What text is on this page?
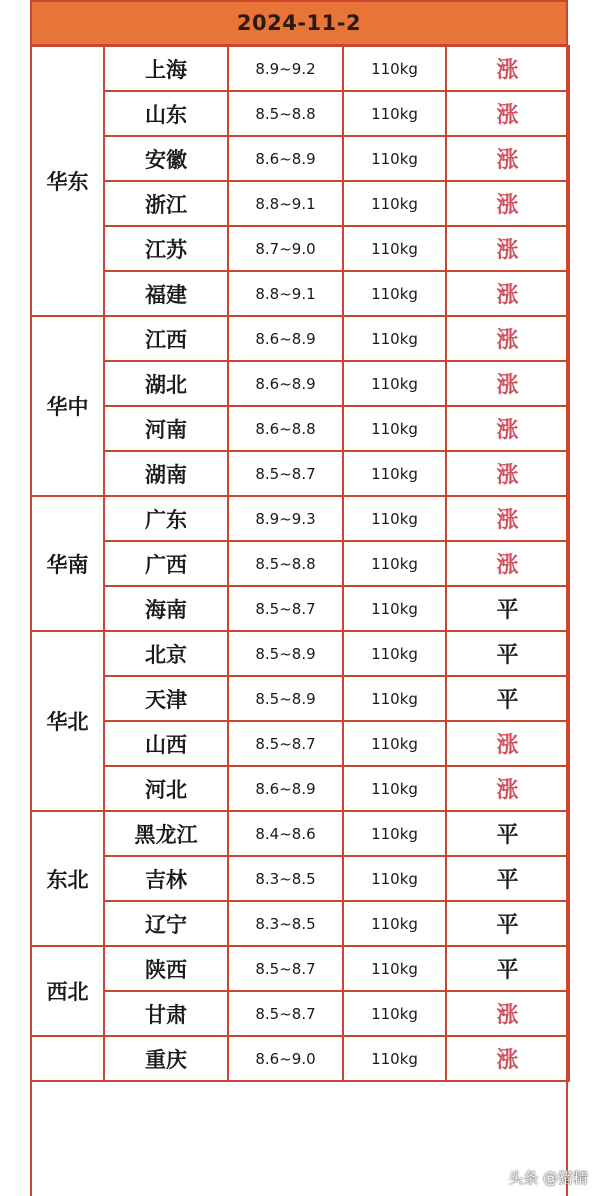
2024-11-2
华东	上海	8.9~9.2	110kg	涨
	山东	8.5~8.8	110kg	涨
	安徽	8.6~8.9	110kg	涨
	浙江	8.8~9.1	110kg	涨
	江苏	8.7~9.0	110kg	涨
	福建	8.8~9.1	110kg	涨
华中	江西	8.6~8.9	110kg	涨
	湖北	8.6~8.9	110kg	涨
	河南	8.6~8.8	110kg	涨
	湖南	8.5~8.7	110kg	涨
华南	广东	8.9~9.3	110kg	涨
	广西	8.5~8.8	110kg	涨
	海南	8.5~8.7	110kg	平
华北	北京	8.5~8.9	110kg	平
	天津	8.5~8.9	110kg	平
	山西	8.5~8.7	110kg	涨
	河北	8.6~8.9	110kg	涨
东北	黑龙江	8.4~8.6	110kg	平
	吉林	8.3~8.5	110kg	平
	辽宁	8.3~8.5	110kg	平
西北	陕西	8.5~8.7	110kg	平
	甘肃	8.5~8.7	110kg	涨
	重庆	8.6~9.0	110kg	涨
头条 @猪精
